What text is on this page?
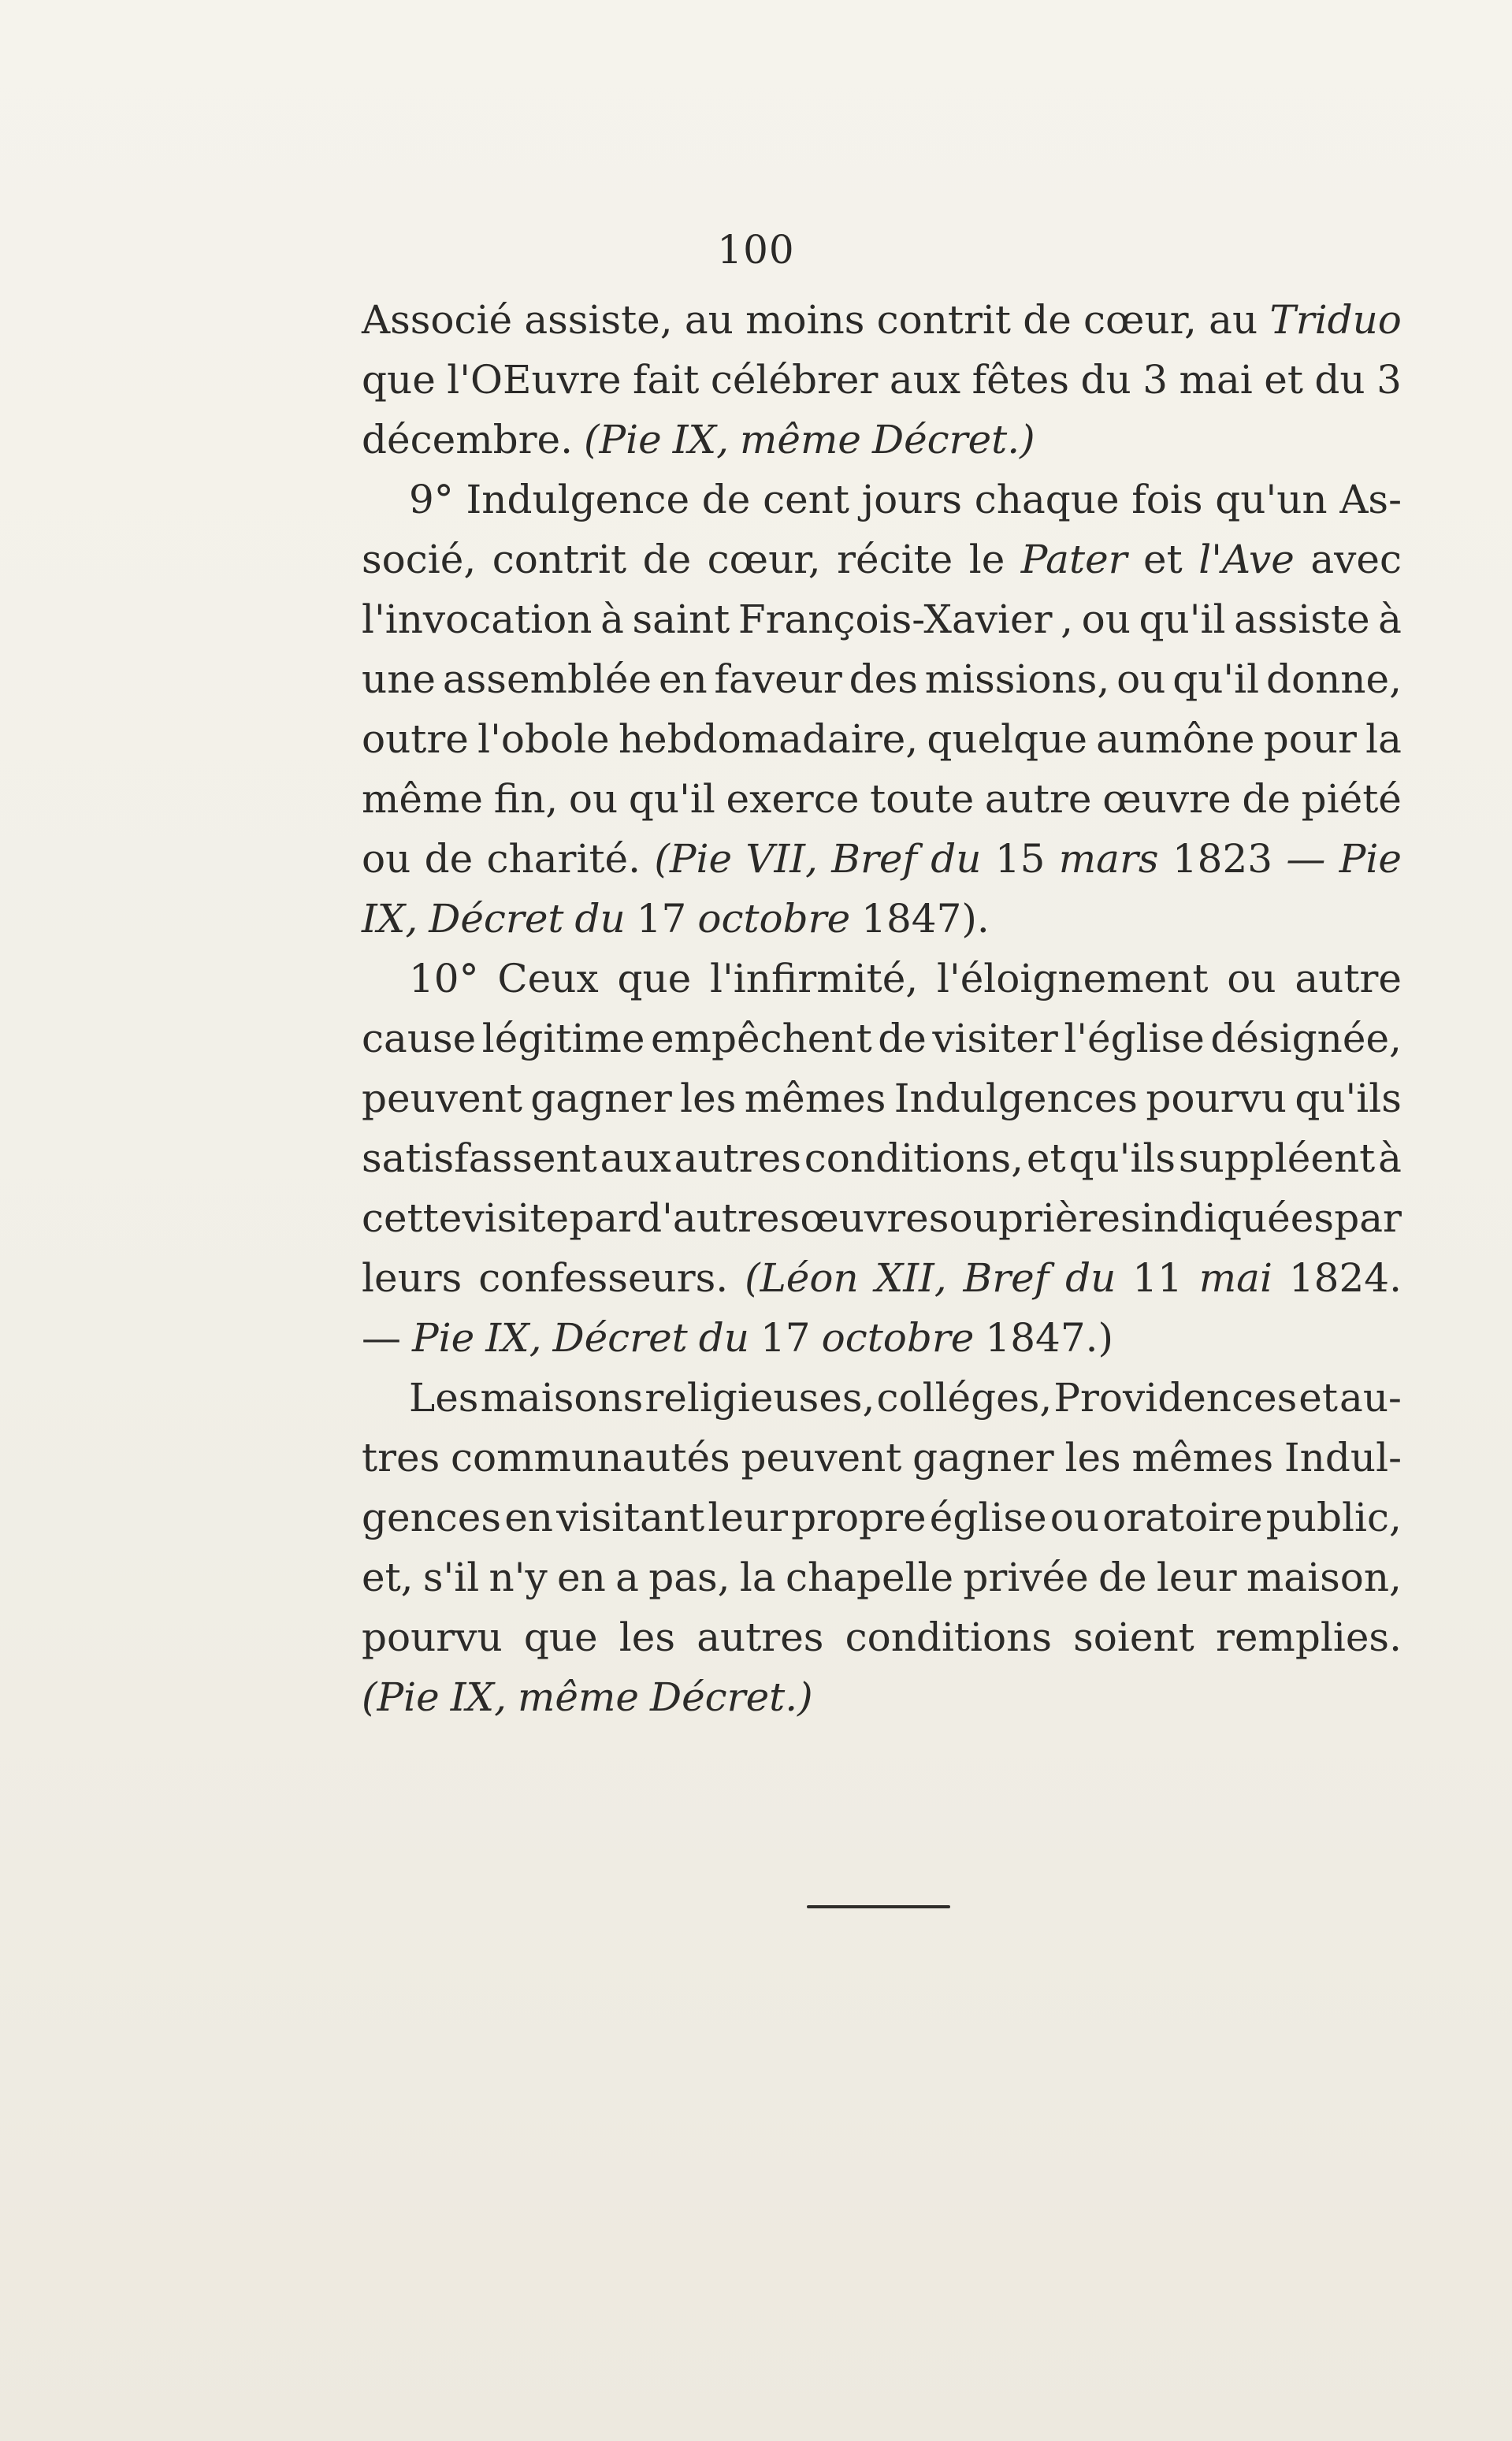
100
Associé assiste, au moins contrit de cœur, au Triduo
que l'OEuvre fait célébrer aux fêtes du 3 mai et du 3
décembre. (Pie IX, même Décret.)
9° Indulgence de cent jours chaque fois qu'un As-
socié, contrit de cœur, récite le Pater et l'Ave avec
l'invocation à saint François-Xavier , ou qu'il assiste à
une assemblée en faveur des missions, ou qu'il donne,
outre l'obole hebdomadaire, quelque aumône pour la
même fin, ou qu'il exerce toute autre œuvre de piété
ou de charité. (Pie VII, Bref du 15 mars 1823 — Pie
IX, Décret du 17 octobre 1847).
10° Ceux que l'infirmité, l'éloignement ou autre
cause légitime empêchent de visiter l'église désignée,
peuvent gagner les mêmes Indulgences pourvu qu'ils
satisfassent aux autres conditions, et qu'ils suppléent à
cette visite par d'autres œuvres ou prières indiquées par
leurs confesseurs. (Léon XII, Bref du 11 mai 1824.
— Pie IX, Décret du 17 octobre 1847.)
Les maisons religieuses, colléges, Providences et au-
tres communautés peuvent gagner les mêmes Indul-
gences en visitant leur propre église ou oratoire public,
et, s'il n'y en a pas, la chapelle privée de leur maison,
pourvu que les autres conditions soient remplies.
(Pie IX, même Décret.)
